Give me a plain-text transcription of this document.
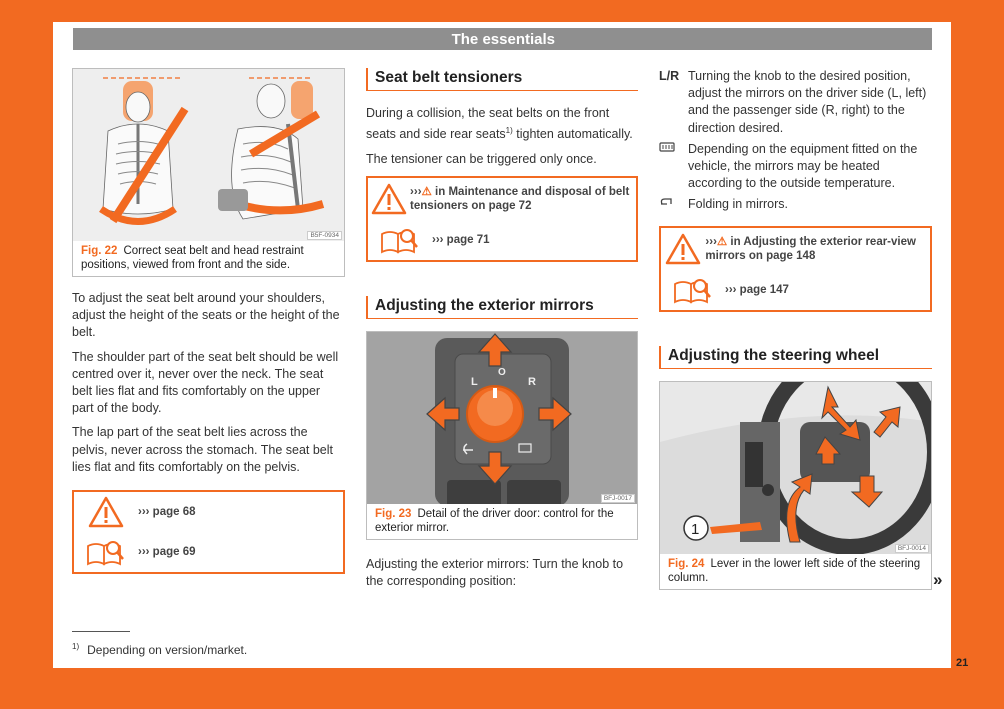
The essentials
B5F-0934
Fig. 22 Correct seat belt and head restraint positions, viewed from front and the side.

To adjust the seat belt around your shoulders, adjust the height of the seats or the height of the belt.

The shoulder part of the seat belt should be well centred over it, never over the neck. The seat belt lies flat and fits comfortably on the upper part of the body.

The lap part of the seat belt lies across the pelvis, never across the stomach. The seat belt lies flat and fits comfortably on the pelvis.

››› page 68
››› page 69
Seat belt tensioners

During a collision, the seat belts on the front seats and side rear seats$^{1)}$ tighten automatically.

The tensioner can be triggered only once.

›››⚠ in Maintenance and disposal of belt tensioners on page 72
››› page 71
Adjusting the exterior mirrors
L
O
R
BFJ-0017
Fig. 23 Detail of the driver door: control for the exterior mirror.

Adjusting the exterior mirrors: Turn the knob to the corresponding position:

L/R Turning the knob to the desired position, adjust the mirrors on the driver side (L, left) and the passenger side (R, right) to the direction desired.
Depending on the equipment fitted on the vehicle, the mirrors may be heated according to the outside temperature.
Folding in mirrors.
›››⚠ in Adjusting the exterior rear-view mirrors on page 148
››› page 147
Adjusting the steering wheel
1
BFJ-0014
Fig. 24 Lever in the lower left side of the steering column.	»
$^{1)}$ Depending on version/market.
21
